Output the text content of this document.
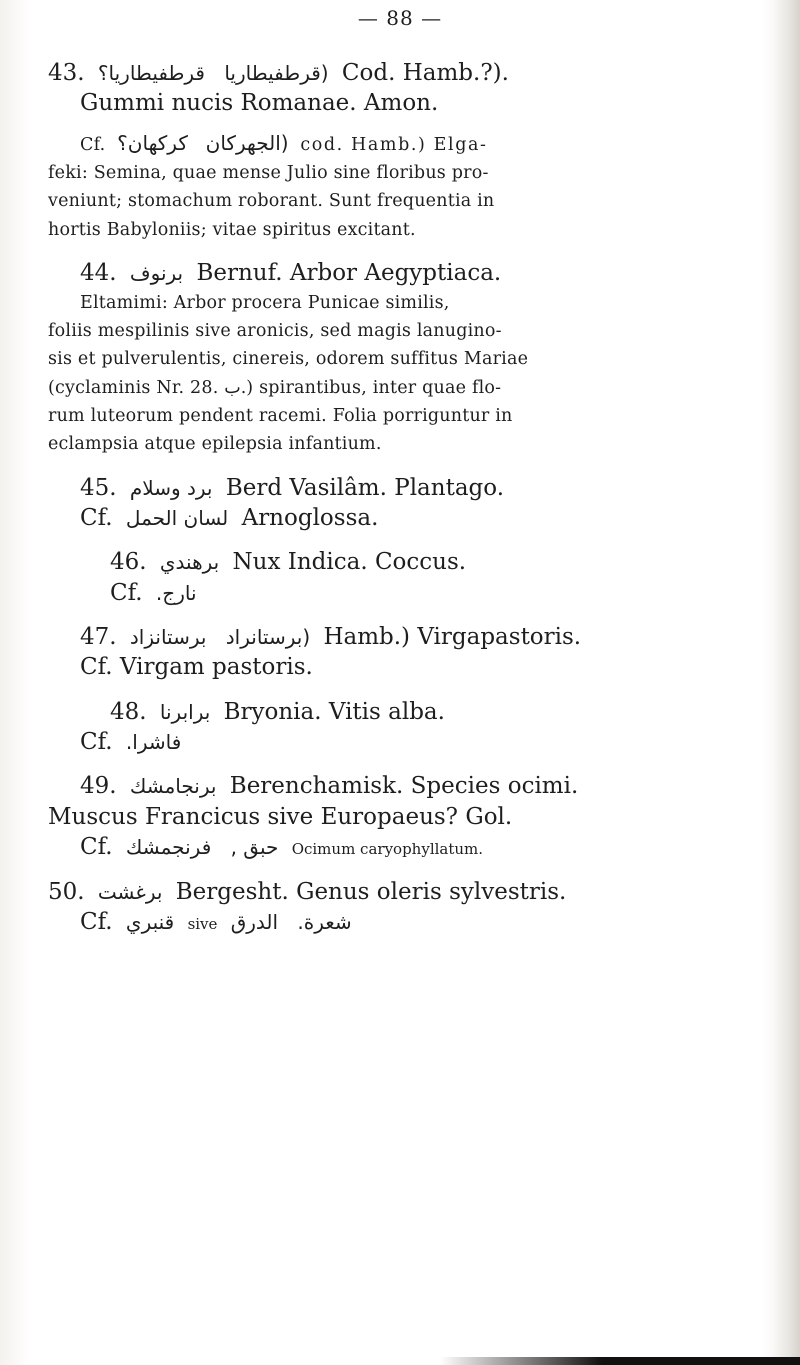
— 88 —
43. قرطفيطاريا؟ (قرطفيطاريا Cod. Hamb.?).
Gummi nucis Romanae. Amon.
Cf. کرکهان؟ (الجهركان cod. Hamb.) Elga-
feki: Semina, quae mense Julio sine floribus pro-
veniunt; stomachum roborant. Sunt frequentia in
hortis Babyloniis; vitae spiritus excitant.
44. برنوف Bernuf. Arbor Aegyptiaca.
Eltamimi: Arbor procera Punicae similis,
foliis mespilinis sive aronicis, sed magis lanugino-
sis et pulverulentis, cinereis, odorem suffitus Mariae
(cyclaminis Nr. 28. ب.) spirantibus, inter quae flo-
rum luteorum pendent racemi. Folia porriguntur in
eclampsia atque epilepsia infantium.
45. برد وسلام Berd Vasilâm. Plantago.
Cf. لسان الحمل Arnoglossa.
46. برهندي Nux Indica. Coccus.
Cf. نارج.
47. برستانزاد (برستانراد Hamb.) Virgapastoris.
Cf. Virgam pastoris.
48. برابرنا Bryonia. Vitis alba.
Cf. فاشرا.
49. برنجامشك Berenchamisk. Species ocimi.
Muscus Francicus sive Europaeus? Gol.
Cf. فرنجمشك حبق , Ocimum caryophyllatum.
50. برغشت Bergesht. Genus oleris sylvestris.
Cf. قنبري sive الدرق شعرة.
